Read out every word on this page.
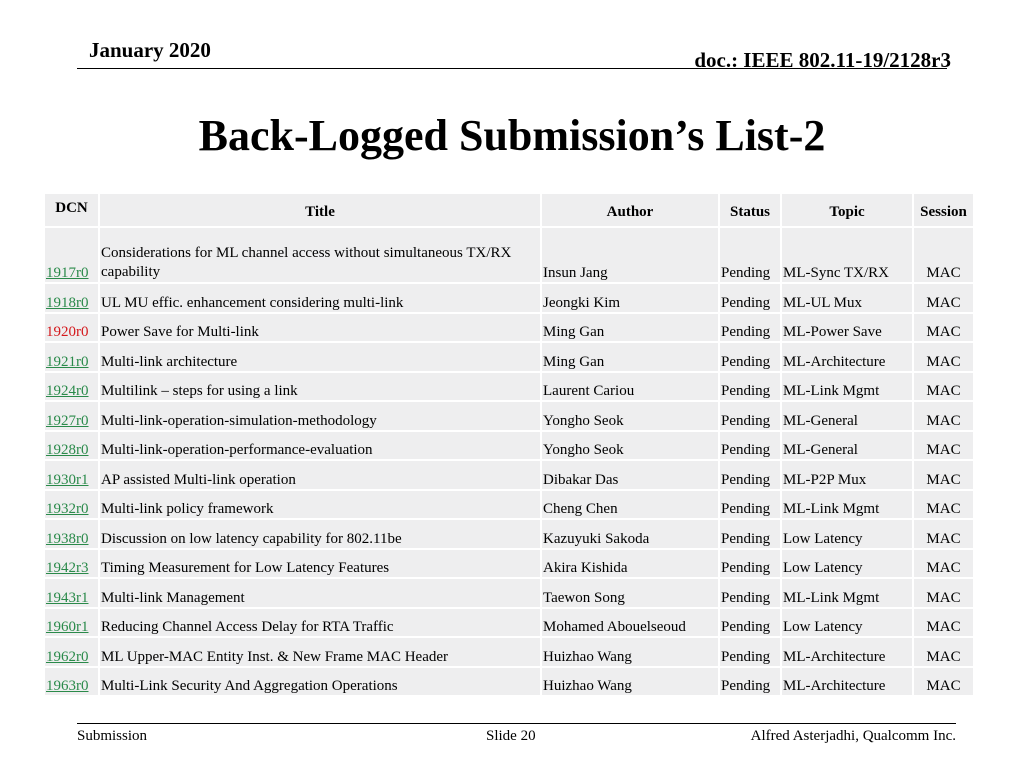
January 2020	doc.: IEEE 802.11-19/2128r3
Back-Logged Submission’s List-2
DCN	Title	Author	Status	Topic	Session
1917r0	Considerations for ML channel access without simultaneous TX/RX capability	Insun Jang	Pending	ML-Sync TX/RX	MAC
1918r0	UL MU effic. enhancement considering multi-link	Jeongki Kim	Pending	ML-UL Mux	MAC
1920r0	Power Save for Multi-link	Ming Gan	Pending	ML-Power Save	MAC
1921r0	Multi-link architecture	Ming Gan	Pending	ML-Architecture	MAC
1924r0	Multilink – steps for using a link	Laurent Cariou	Pending	ML-Link Mgmt	MAC
1927r0	Multi-link-operation-simulation-methodology	Yongho Seok	Pending	ML-General	MAC
1928r0	Multi-link-operation-performance-evaluation	Yongho Seok	Pending	ML-General	MAC
1930r1	AP assisted Multi-link operation	Dibakar Das	Pending	ML-P2P Mux	MAC
1932r0	Multi-link policy framework	Cheng Chen	Pending	ML-Link Mgmt	MAC
1938r0	Discussion on low latency capability for 802.11be	Kazuyuki Sakoda	Pending	Low Latency	MAC
1942r3	Timing Measurement for Low Latency Features	Akira Kishida	Pending	Low Latency	MAC
1943r1	Multi-link Management	Taewon Song	Pending	ML-Link Mgmt	MAC
1960r1	Reducing Channel Access Delay for RTA Traffic	Mohamed Abouelseoud	Pending	Low Latency	MAC
1962r0	ML Upper-MAC Entity Inst. & New Frame MAC Header	Huizhao Wang	Pending	ML-Architecture	MAC
1963r0	Multi-Link Security And Aggregation Operations	Huizhao Wang	Pending	ML-Architecture	MAC
Submission	Slide 20	Alfred Asterjadhi, Qualcomm Inc.
